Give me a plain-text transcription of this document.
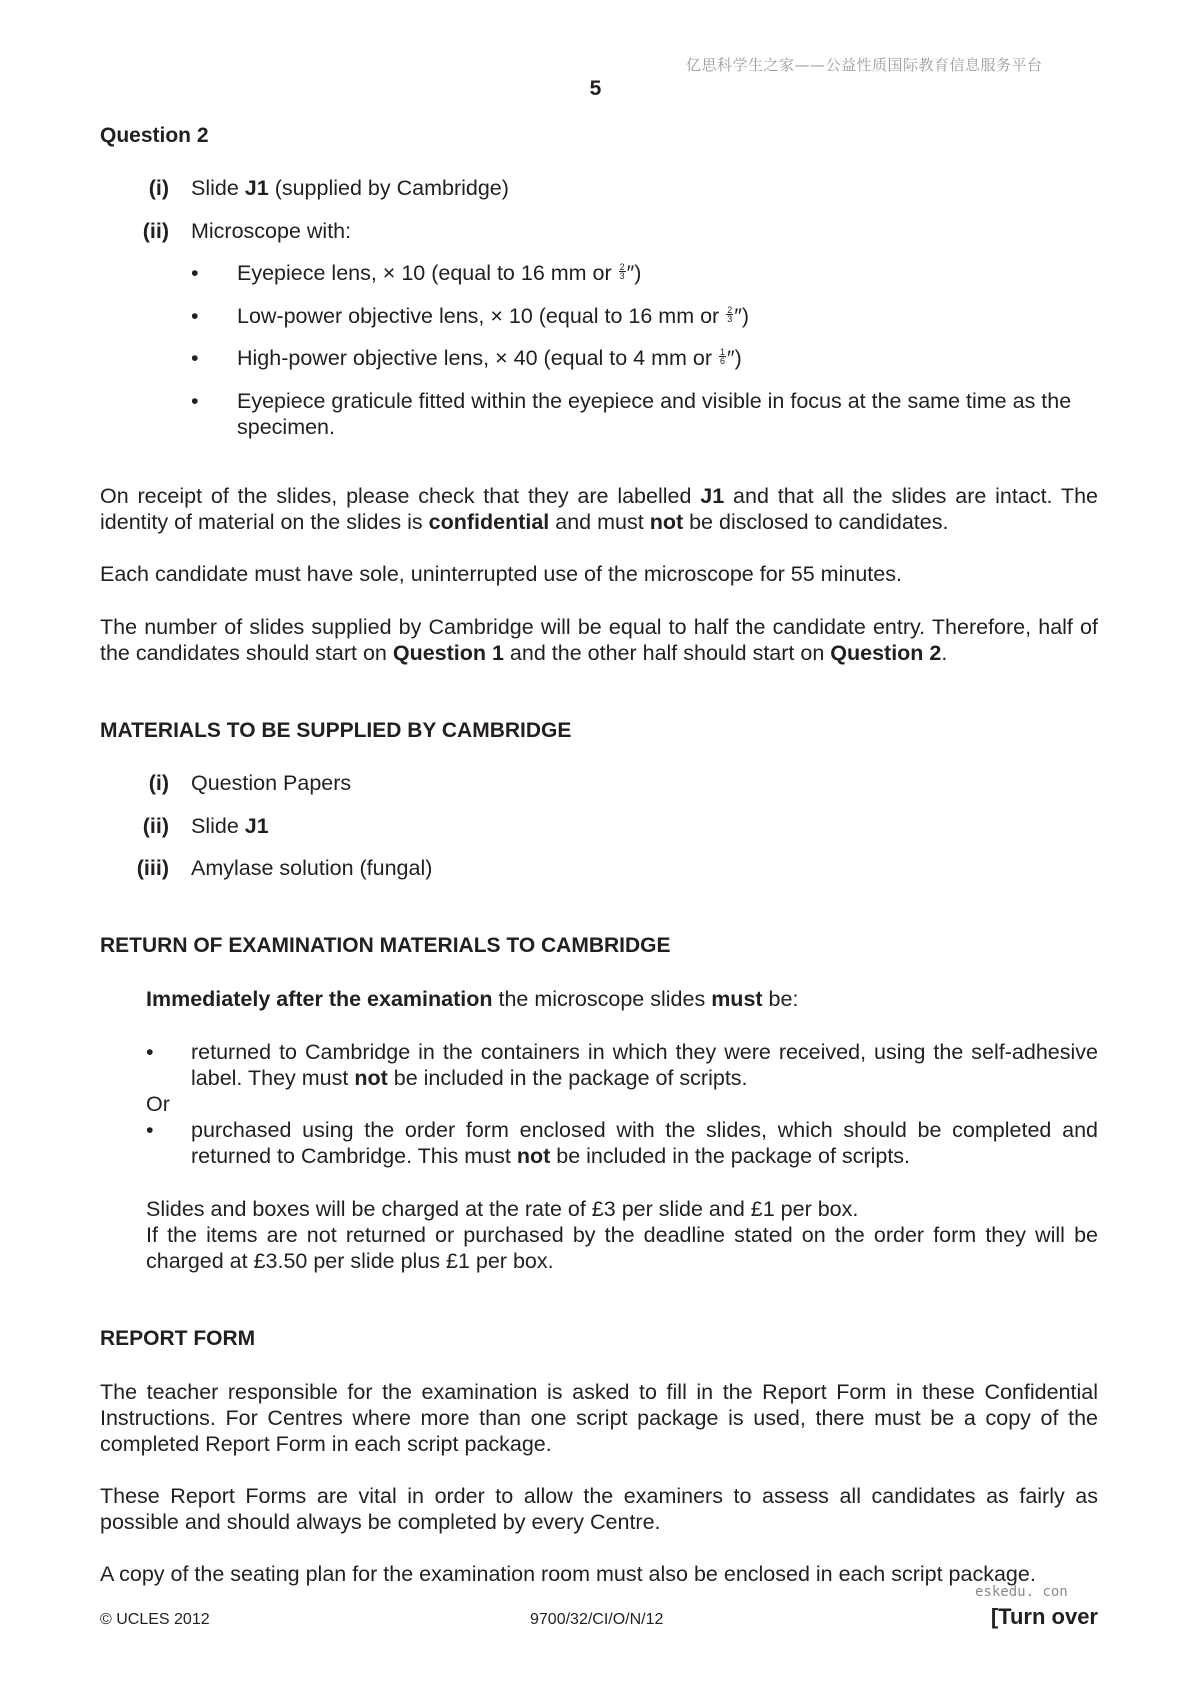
亿思科学生之家——公益性质国际教育信息服务平台
5
Question 2
(i) Slide J1 (supplied by Cambridge)
(ii) Microscope with:
• Eyepiece lens, × 10 (equal to 16 mm or $\frac{2}{3}$ ″)
• Low-power objective lens, × 10 (equal to 16 mm or $\frac{2}{3}$ ″)
• High-power objective lens, × 40 (equal to 4 mm or $\frac{1}{6}$ ″)
• Eyepiece graticule fitted within the eyepiece and visible in focus at the same time as the
specimen.
On receipt of the slides, please check that they are labelled J1 and that all the slides are intact. The identity of material on the slides is confidential and must not be disclosed to candidates.
Each candidate must have sole, uninterrupted use of the microscope for 55 minutes.
The number of slides supplied by Cambridge will be equal to half the candidate entry. Therefore, half of the candidates should start on Question 1 and the other half should start on Question 2.
MATERIALS TO BE SUPPLIED BY CAMBRIDGE
(i) Question Papers
(ii) Slide J1
(iii) Amylase solution (fungal)
RETURN OF EXAMINATION MATERIALS TO CAMBRIDGE
Immediately after the examination the microscope slides must be:
• returned to Cambridge in the containers in which they were received, using the self-adhesive label. They must not be included in the package of scripts.
Or
• purchased using the order form enclosed with the slides, which should be completed and returned to Cambridge. This must not be included in the package of scripts.
Slides and boxes will be charged at the rate of £3 per slide and £1 per box.
If the items are not returned or purchased by the deadline stated on the order form they will be charged at £3.50 per slide plus £1 per box.
REPORT FORM
The teacher responsible for the examination is asked to fill in the Report Form in these Confidential Instructions. For Centres where more than one script package is used, there must be a copy of the completed Report Form in each script package.
These Report Forms are vital in order to allow the examiners to assess all candidates as fairly as possible and should always be completed by every Centre.
A copy of the seating plan for the examination room must also be enclosed in each script package.
eskedu. con
© UCLES 2012	9700/32/CI/O/N/12	[Turn over
